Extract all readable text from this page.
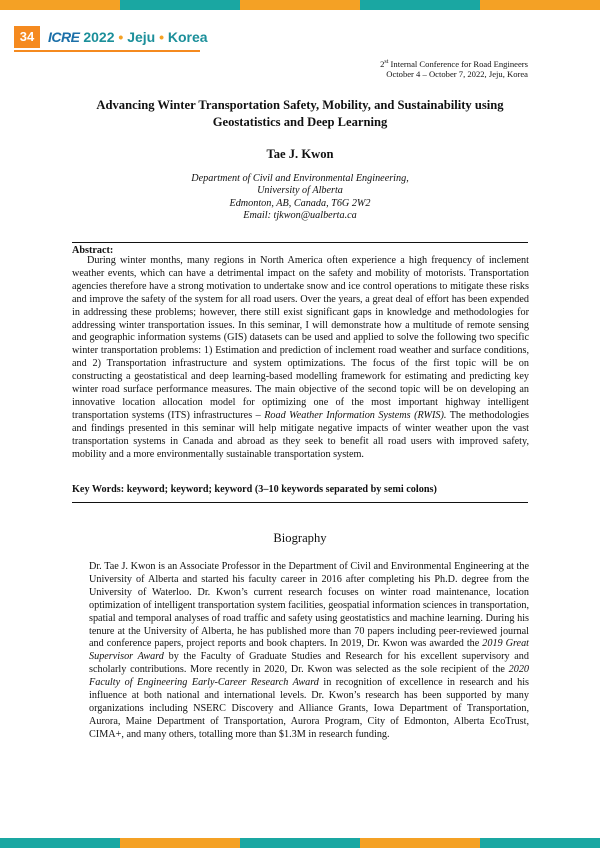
34 ICRE 2022 • Jeju • Korea
2st Internal Conference for Road Engineers
October 4 – October 7, 2022, Jeju, Korea
Advancing Winter Transportation Safety, Mobility, and Sustainability using
Geostatistics and Deep Learning
Tae J. Kwon
Department of Civil and Environmental Engineering,
University of Alberta
Edmonton, AB, Canada, T6G 2W2
Email: tjkwon@ualberta.ca
Abstract:

During winter months, many regions in North America often experience a high frequency of inclement weather events, which can have a detrimental impact on the safety and mobility of motorists. Transportation agencies therefore have a strong motivation to undertake snow and ice control operations to mitigate these risks and improve the safety of the system for all road users. Over the years, a great deal of effort has been expended in addressing these problems; however, there still exist significant gaps in knowledge and methodologies for addressing winter transportation issues. In this seminar, I will demonstrate how a multitude of remote sensing and geographic information systems (GIS) datasets can be used and applied to solve the following two specific winter transportation problems: 1) Estimation and prediction of inclement road weather and surface conditions, and 2) Transportation infrastructure and system optimizations. The focus of the first topic will be on constructing a geostatistical and deep learning-based modelling framework for estimating and predicting key winter road surface performance measures. The main objective of the second topic will be on developing an innovative location allocation model for optimizing one of the most important highway intelligent transportation systems (ITS) infrastructures – Road Weather Information Systems (RWIS). The methodologies and findings presented in this seminar will help mitigate negative impacts of winter weather upon the vast transportation systems in Canada and abroad as they seek to benefit all road users with improved safety, mobility and a more environmentally sustainable transportation system.

Key Words: keyword; keyword; keyword (3–10 keywords separated by semi colons)
Biography

Dr. Tae J. Kwon is an Associate Professor in the Department of Civil and Environmental Engineering at the University of Alberta and started his faculty career in 2016 after completing his Ph.D. degree from the University of Waterloo. Dr. Kwon’s current research focuses on winter road maintenance, location optimization of intelligent transportation system facilities, geospatial information sciences in transportation, spatial and temporal analyses of road traffic and safety using geostatistics and machine learning. During his tenure at the University of Alberta, he has published more than 70 papers including peer-reviewed journal and conference papers, project reports and book chapters. In 2019, Dr. Kwon was awarded the 2019 Great Supervisor Award by the Faculty of Graduate Studies and Research for his excellent supervisory and scholarly contributions. More recently in 2020, Dr. Kwon was selected as the sole recipient of the 2020 Faculty of Engineering Early-Career Research Award in recognition of excellence in research and his influence at both national and international levels. Dr. Kwon’s research has been supported by many organizations including NSERC Discovery and Alliance Grants, Iowa Department of Transportation, Aurora, Maine Department of Transportation, Aurora Program, City of Edmonton, Alberta EcoTrust, CIMA+, and many others, totalling more than $1.3M in research funding.
